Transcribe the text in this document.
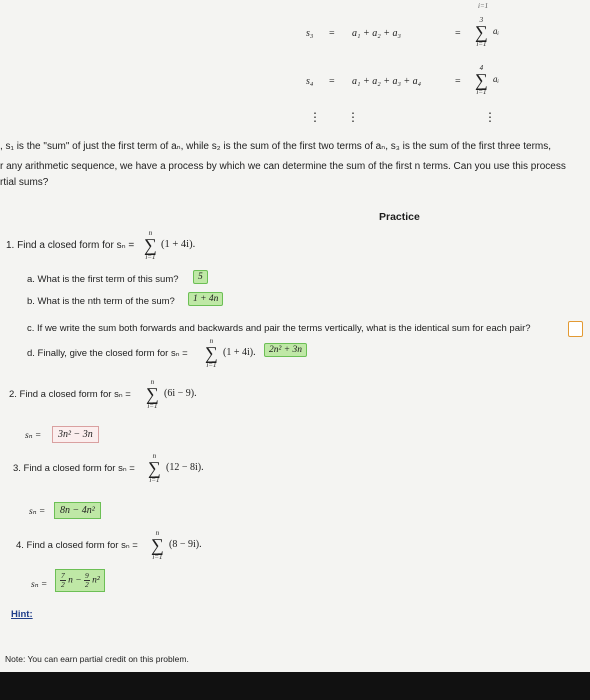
i=1
s₃ = a₁ + a₂ + a₃	=
3
∑
i=1
aᵢ
s₄ = a₁ + a₂ + a₃ + a₄	=
4
∑
i=1
aᵢ
⋮ ⋮	⋮
, s₁ is the "sum" of just the first term of aₙ, while s₂ is the sum of the first two terms of aₙ, s₃ is the sum of the first three terms,
r any arithmetic sequence, we have a process by which we can determine the sum of the first n terms. Can you use this process
rtial sums?
Practice
1. Find a closed form for sₙ =
n
∑
i=1
(1 + 4i).
a. What is the first term of this sum?	5
b. What is the nth term of the sum?	1 + 4n
c. If we write the sum both forwards and backwards and pair the terms vertically, what is the identical sum for each pair?
d. Finally, give the closed form for sₙ =
n
∑
i=1
(1 + 4i).	2n² + 3n
2. Find a closed form for sₙ =
n
∑
i=1
(6i − 9).
sₙ =	3n² − 3n
3. Find a closed form for sₙ =
n
∑
i=1
(12 − 8i).
sₙ =	8n − 4n²
4. Find a closed form for sₙ =
n
∑
i=1
(8 − 9i).
$s_n = \frac{7}{2}$ $n - \frac{9}{2} n^2$
Hint:
Note: You can earn partial credit on this problem.
